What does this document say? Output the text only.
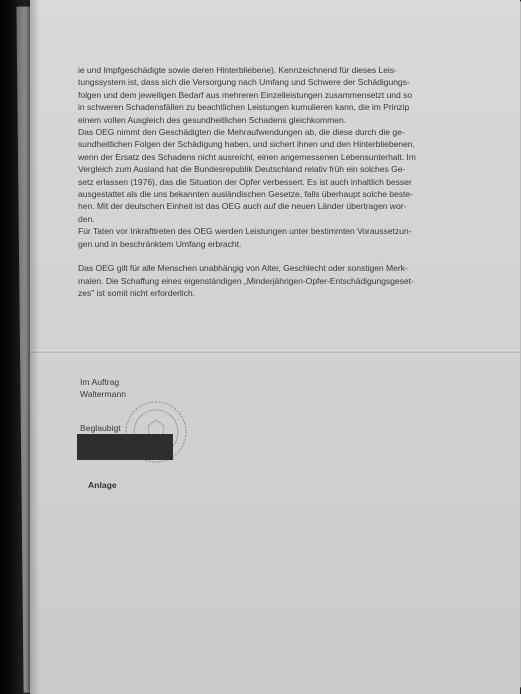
ie und Impfgeschädigte sowie deren Hinterbliebene). Kennzeichnend für dieses Leis-
tungssystem ist, dass sich die Versorgung nach Umfang und Schwere der Schädigungs-
folgen und dem jeweiligen Bedarf aus mehreren Einzelleistungen zusammensetzt und so
in schweren Schadensfällen zu beachtlichen Leistungen kumulieren kann, die im Prinzip
einem vollen Ausgleich des gesundheitlichen Schadens gleichkommen.

Das OEG nimmt den Geschädigten die Mehraufwendungen ab, die diese durch die ge-
sundheitlichen Folgen der Schädigung haben, und sichert ihnen und den Hinterbliebenen,
wenn der Ersatz des Schadens nicht ausreicht, einen angemessenen Lebensunterhalt. Im
Vergleich zum Ausland hat die Bundesrepublik Deutschland relativ früh ein solches Ge-
setz erlassen (1976), das die Situation der Opfer verbessert. Es ist auch inhaltlich besser
ausgestattet als die uns bekannten ausländischen Gesetze, falls überhaupt solche beste-
hen. Mit der deutschen Einheit ist das OEG auch auf die neuen Länder übertragen wor-
den.

Für Taten vor Inkrafttreten des OEG werden Leistungen unter bestimmten Voraussetzun-
gen und in beschränktem Umfang erbracht.

Das OEG gilt für alle Menschen unabhängig von Alter, Geschlecht oder sonstigen Merk-
malen. Die Schaffung eines eigenständigen „Minderjährigen-Opfer-Entschädigungsgeset-
zes" ist somit nicht erforderlich.

Im Auftrag
Waltermann
Beglaubigt
Anlage
